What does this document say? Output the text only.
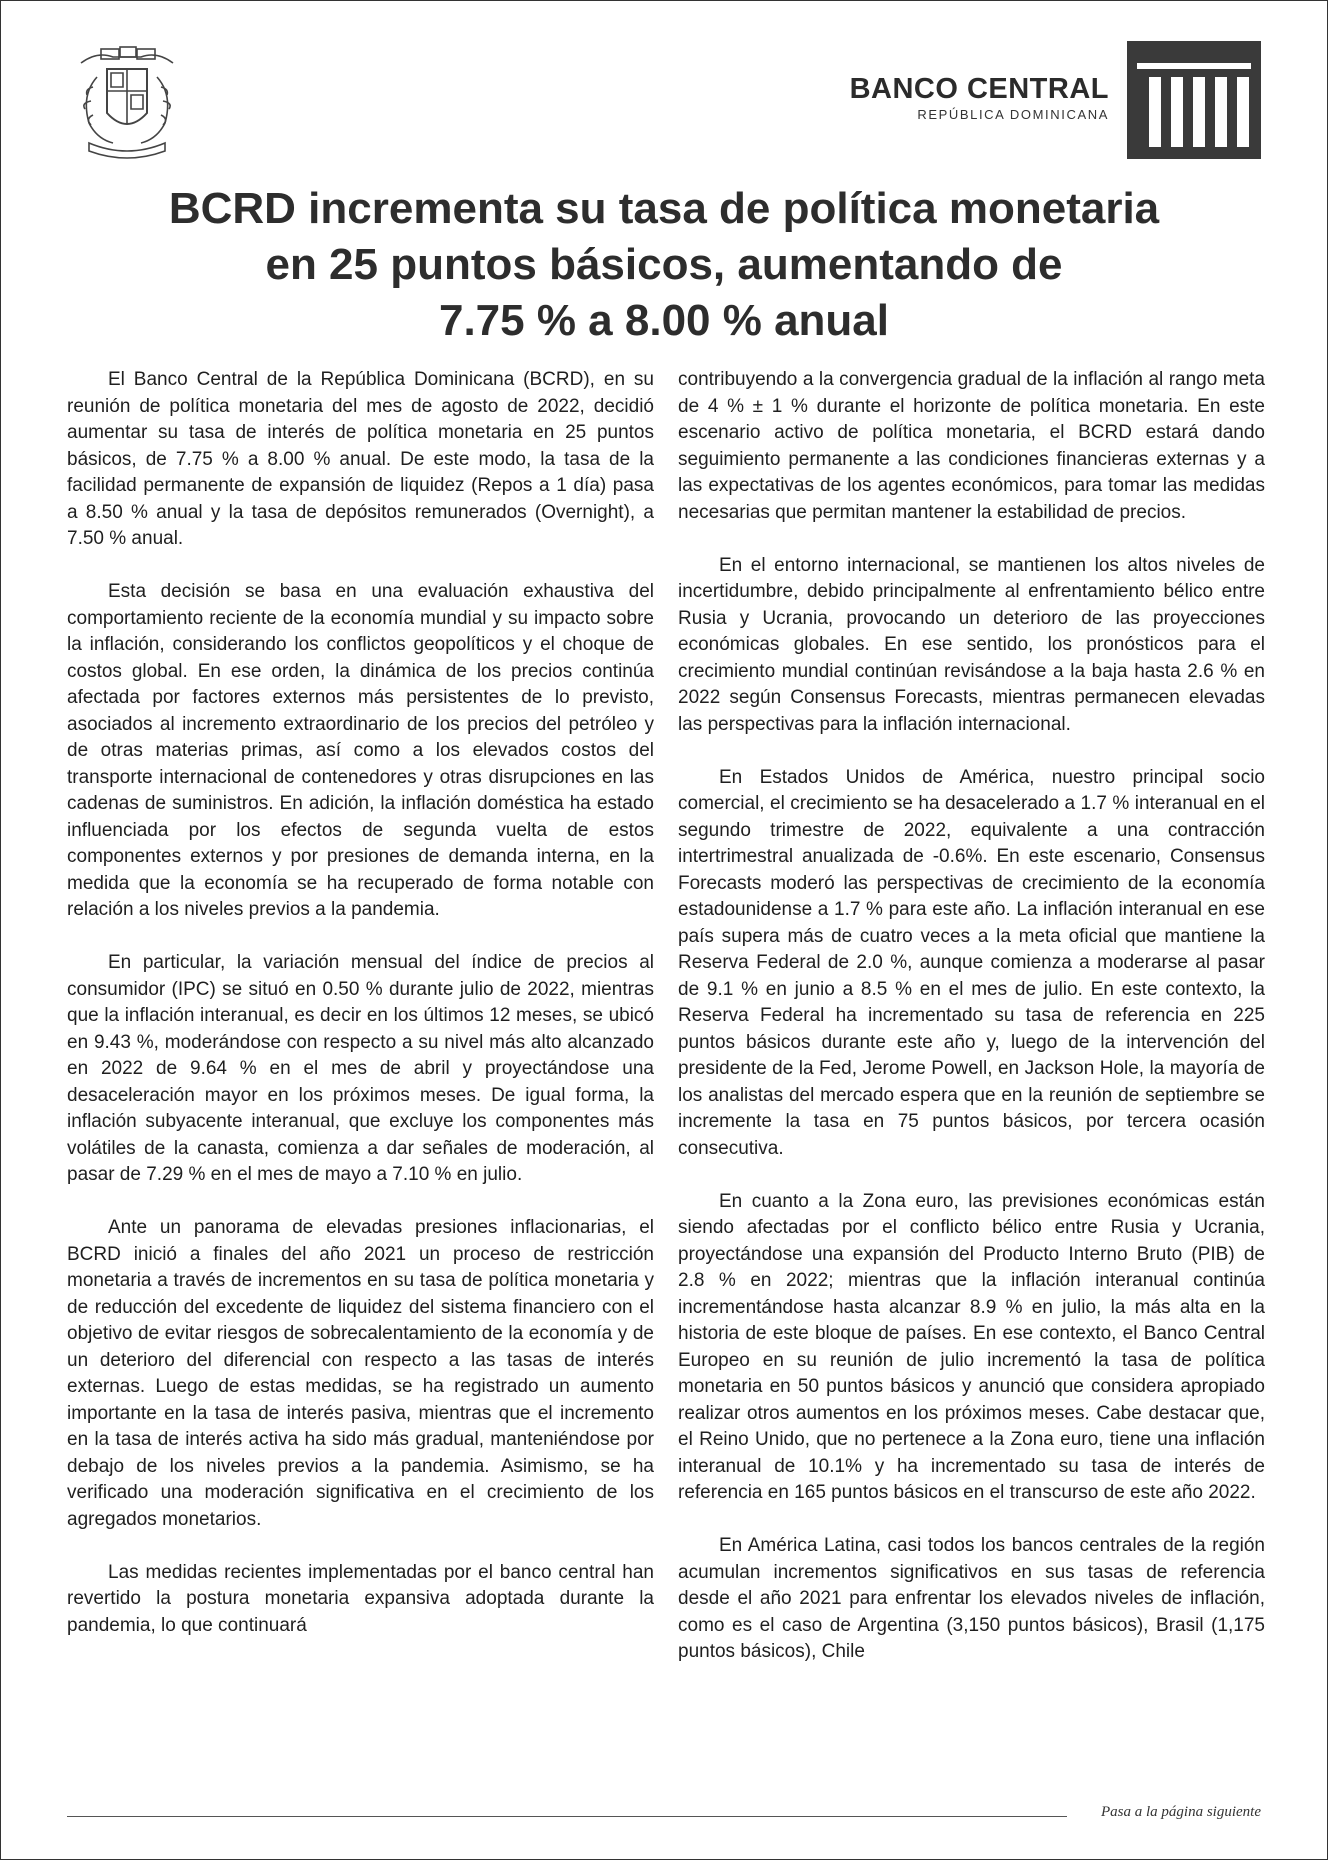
BANCO CENTRAL
REPÚBLICA DOMINICANA
BCRD incrementa su tasa de política monetaria
en 25 puntos básicos, aumentando de
7.75 % a 8.00 % anual

El Banco Central de la República Dominicana (BCRD), en su reunión de política monetaria del mes de agosto de 2022, decidió aumentar su tasa de interés de política monetaria en 25 puntos básicos, de 7.75 % a 8.00 % anual. De este modo, la tasa de la facilidad permanente de expansión de liquidez (Repos a 1 día) pasa a 8.50 % anual y la tasa de depósitos remunerados (Overnight), a 7.50 % anual.

Esta decisión se basa en una evaluación exhaustiva del comportamiento reciente de la economía mundial y su impacto sobre la inflación, considerando los conflictos geopolíticos y el choque de costos global. En ese orden, la dinámica de los precios continúa afectada por factores externos más persistentes de lo previsto, asociados al incremento extraordinario de los precios del petróleo y de otras materias primas, así como a los elevados costos del transporte internacional de contenedores y otras disrupciones en las cadenas de suministros. En adición, la inflación doméstica ha estado influenciada por los efectos de segunda vuelta de estos componentes externos y por presiones de demanda interna, en la medida que la economía se ha recuperado de forma notable con relación a los niveles previos a la pandemia.

En particular, la variación mensual del índice de precios al consumidor (IPC) se situó en 0.50 % durante julio de 2022, mientras que la inflación interanual, es decir en los últimos 12 meses, se ubicó en 9.43 %, moderándose con respecto a su nivel más alto alcanzado en 2022 de 9.64 % en el mes de abril y proyectándose una desaceleración mayor en los próximos meses. De igual forma, la inflación subyacente interanual, que excluye los componentes más volátiles de la canasta, comienza a dar señales de moderación, al pasar de 7.29 % en el mes de mayo a 7.10 % en julio.

Ante un panorama de elevadas presiones inflacionarias, el BCRD inició a finales del año 2021 un proceso de restricción monetaria a través de incrementos en su tasa de política monetaria y de reducción del excedente de liquidez del sistema financiero con el objetivo de evitar riesgos de sobrecalentamiento de la economía y de un deterioro del diferencial con respecto a las tasas de interés externas. Luego de estas medidas, se ha registrado un aumento importante en la tasa de interés pasiva, mientras que el incremento en la tasa de interés activa ha sido más gradual, manteniéndose por debajo de los niveles previos a la pandemia. Asimismo, se ha verificado una moderación significativa en el crecimiento de los agregados monetarios.

Las medidas recientes implementadas por el banco central han revertido la postura monetaria expansiva adoptada durante la pandemia, lo que continuará

contribuyendo a la convergencia gradual de la inflación al rango meta de 4 % ± 1 % durante el horizonte de política monetaria. En este escenario activo de política monetaria, el BCRD estará dando seguimiento permanente a las condiciones financieras externas y a las expectativas de los agentes económicos, para tomar las medidas necesarias que permitan mantener la estabilidad de precios.

En el entorno internacional, se mantienen los altos niveles de incertidumbre, debido principalmente al enfrentamiento bélico entre Rusia y Ucrania, provocando un deterioro de las proyecciones económicas globales. En ese sentido, los pronósticos para el crecimiento mundial continúan revisándose a la baja hasta 2.6 % en 2022 según Consensus Forecasts, mientras permanecen elevadas las perspectivas para la inflación internacional.

En Estados Unidos de América, nuestro principal socio comercial, el crecimiento se ha desacelerado a 1.7 % interanual en el segundo trimestre de 2022, equivalente a una contracción intertrimestral anualizada de -0.6%. En este escenario, Consensus Forecasts moderó las perspectivas de crecimiento de la economía estadounidense a 1.7 % para este año. La inflación interanual en ese país supera más de cuatro veces a la meta oficial que mantiene la Reserva Federal de 2.0 %, aunque comienza a moderarse al pasar de 9.1 % en junio a 8.5 % en el mes de julio. En este contexto, la Reserva Federal ha incrementado su tasa de referencia en 225 puntos básicos durante este año y, luego de la intervención del presidente de la Fed, Jerome Powell, en Jackson Hole, la mayoría de los analistas del mercado espera que en la reunión de septiembre se incremente la tasa en 75 puntos básicos, por tercera ocasión consecutiva.

En cuanto a la Zona euro, las previsiones económicas están siendo afectadas por el conflicto bélico entre Rusia y Ucrania, proyectándose una expansión del Producto Interno Bruto (PIB) de 2.8 % en 2022; mientras que la inflación interanual continúa incrementándose hasta alcanzar 8.9 % en julio, la más alta en la historia de este bloque de países. En ese contexto, el Banco Central Europeo en su reunión de julio incrementó la tasa de política monetaria en 50 puntos básicos y anunció que considera apropiado realizar otros aumentos en los próximos meses. Cabe destacar que, el Reino Unido, que no pertenece a la Zona euro, tiene una inflación interanual de 10.1% y ha incrementado su tasa de interés de referencia en 165 puntos básicos en el transcurso de este año 2022.

En América Latina, casi todos los bancos centrales de la región acumulan incrementos significativos en sus tasas de referencia desde el año 2021 para enfrentar los elevados niveles de inflación, como es el caso de Argentina (3,150 puntos básicos), Brasil (1,175 puntos básicos), Chile

Pasa a la página siguiente
